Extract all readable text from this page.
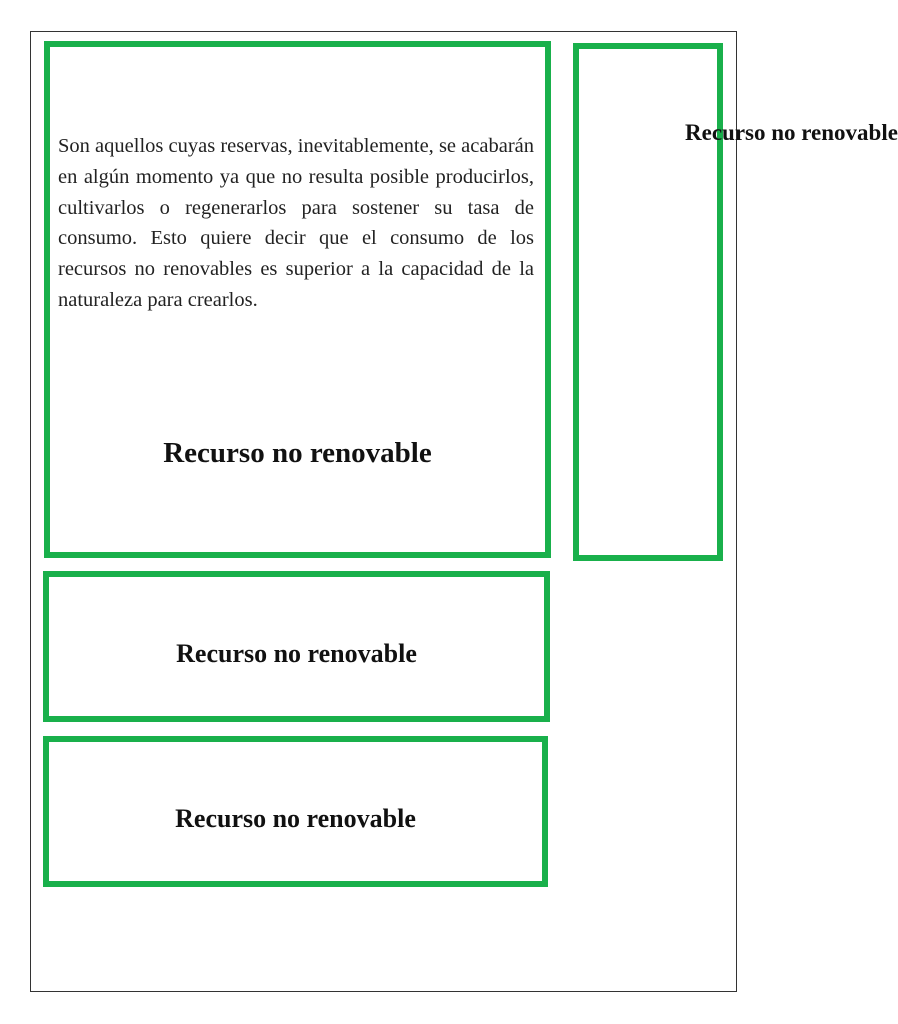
Son aquellos cuyas reservas, inevitablemente, se acabarán en algún momento ya que no resulta posible producirlos, cultivarlos o regenerarlos para sostener su tasa de consumo. Esto quiere decir que el consumo de los recursos no renovables es superior a la capacidad de la naturaleza para crearlos.

Recurso no renovable
Recurso no renovable
Recurso no renovable
Recurso no renovable
